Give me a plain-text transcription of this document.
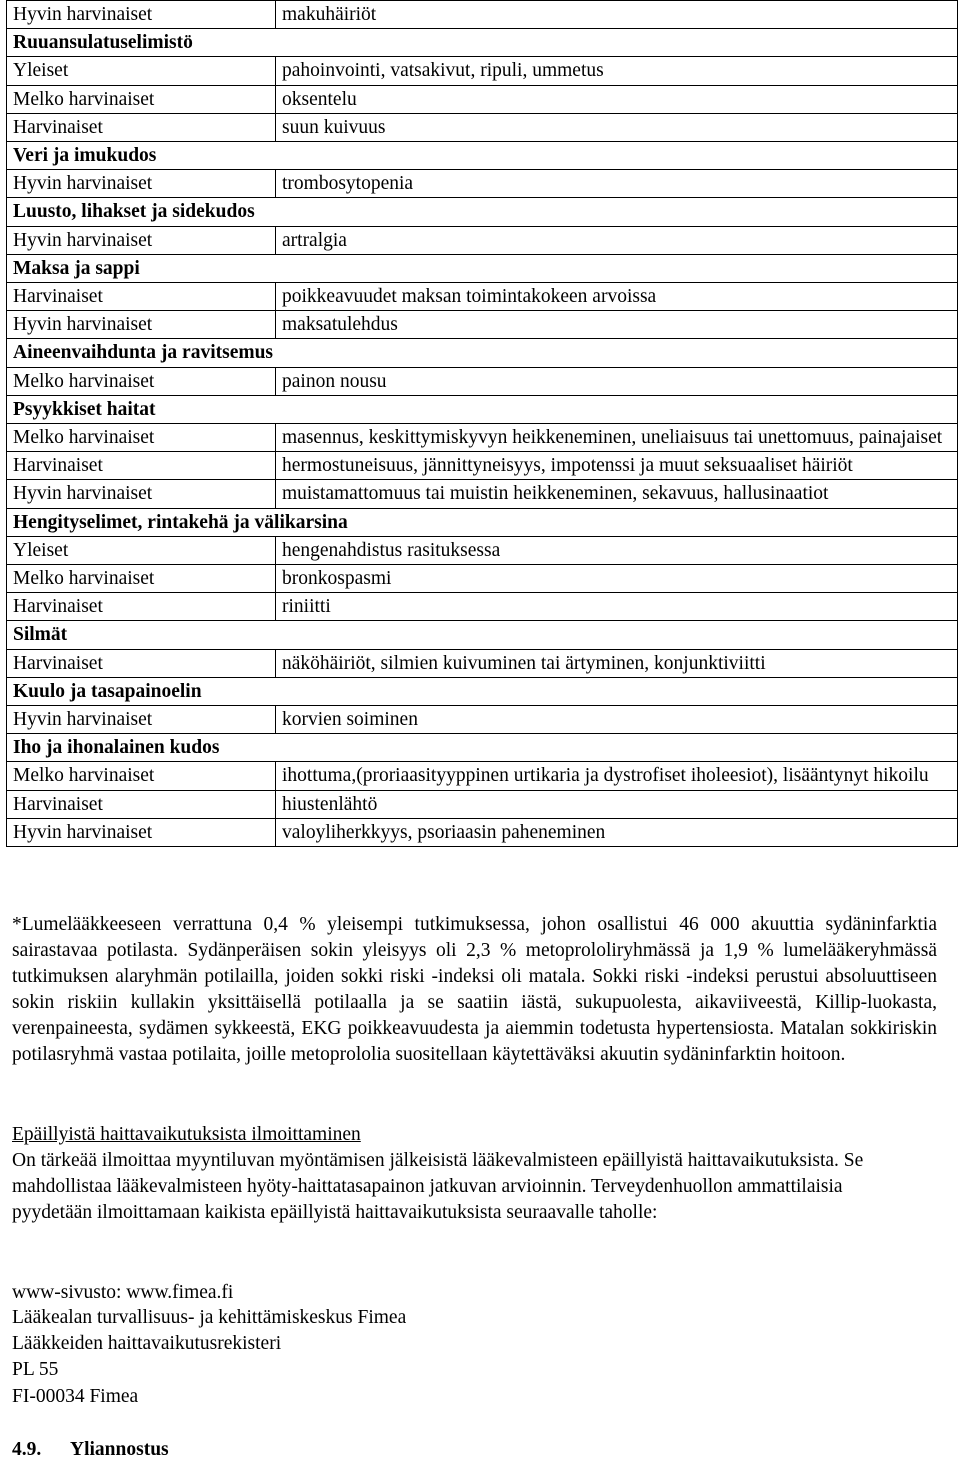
Hyvin harvinaiset	makuhäiriöt
Ruuansulatuselimistö	
Yleiset	pahoinvointi, vatsakivut, ripuli, ummetus
Melko harvinaiset	oksentelu
Harvinaiset	suun kuivuus
Veri ja imukudos	
Hyvin harvinaiset	trombosytopenia
Luusto, lihakset ja sidekudos	
Hyvin harvinaiset	artralgia
Maksa ja sappi	
Harvinaiset	poikkeavuudet maksan toimintakokeen arvoissa
Hyvin harvinaiset	maksatulehdus
Aineenvaihdunta ja ravitsemus	
Melko harvinaiset	painon nousu
Psyykkiset haitat	
Melko harvinaiset	masennus, keskittymiskyvyn heikkeneminen, uneliaisuus tai unettomuus, painajaiset
Harvinaiset	hermostuneisuus, jännittyneisyys, impotenssi ja muut seksuaaliset häiriöt
Hyvin harvinaiset	muistamattomuus tai muistin heikkeneminen, sekavuus, hallusinaatiot
Hengityselimet, rintakehä ja välikarsina	
Yleiset	hengenahdistus rasituksessa
Melko harvinaiset	bronkospasmi
Harvinaiset	riniitti
Silmät	
Harvinaiset	näköhäiriöt, silmien kuivuminen tai ärtyminen, konjunktiviitti
Kuulo ja tasapainoelin	
Hyvin harvinaiset	korvien soiminen
Iho ja ihonalainen kudos	
Melko harvinaiset	ihottuma,(proriaasityyppinen urtikaria ja dystrofiset iholeesiot), lisääntynyt hikoilu
Harvinaiset	hiustenlähtö
Hyvin harvinaiset	valoyliherkkyys, psoriaasin paheneminen
*Lumelääkkeeseen verrattuna 0,4 % yleisempi tutkimuksessa, johon osallistui 46 000 akuuttia sydäninfarktia sairastavaa potilasta. Sydänperäisen sokin yleisyys oli 2,3 % metoprololiryhmässä ja 1,9 % lumelääkeryhmässä tutkimuksen alaryhmän potilailla, joiden sokki riski -indeksi oli matala. Sokki riski -indeksi perustui absoluuttiseen sokin riskiin kullakin yksittäisellä potilaalla ja se saatiin iästä, sukupuolesta, aikaviiveestä, Killip-luokasta, verenpaineesta, sydämen sykkeestä, EKG poikkeavuudesta ja aiemmin todetusta hypertensiosta. Matalan sokkiriskin potilasryhmä vastaa potilaita, joille metoprololia suositellaan käytettäväksi akuutin sydäninfarktin hoitoon.
Epäillyistä haittavaikutuksista ilmoittaminen
On tärkeää ilmoittaa myyntiluvan myöntämisen jälkeisistä lääkevalmisteen epäillyistä haittavaikutuksista. Se mahdollistaa lääkevalmisteen hyöty-haittatasapainon jatkuvan arvioinnin. Terveydenhuollon ammattilaisia pyydetään ilmoittamaan kaikista epäillyistä haittavaikutuksista seuraavalle taholle:
www-sivusto: www.fimea.fi
Lääkealan turvallisuus- ja kehittämiskeskus Fimea
Lääkkeiden haittavaikutusrekisteri
PL 55
FI-00034 Fimea
4.9. Yliannostus
